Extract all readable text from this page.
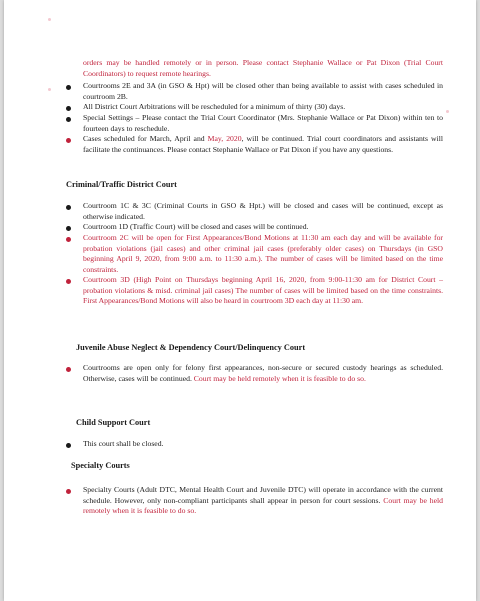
orders may be handled remotely or in person. Please contact Stephanie Wallace or Pat Dixon (Trial Court Coordinators) to request remote hearings.
Courtrooms 2E and 3A (in GSO & Hpt) will be closed other than being available to assist with cases scheduled in courtroom 2B.
All District Court Arbitrations will be rescheduled for a minimum of thirty (30) days.
Special Settings – Please contact the Trial Court Coordinator (Mrs. Stephanie Wallace or Pat Dixon) within ten to fourteen days to reschedule.
Cases scheduled for March, April and May, 2020, will be continued. Trial court coordinators and assistants will facilitate the continuances. Please contact Stephanie Wallace or Pat Dixon if you have any questions.
Criminal/Traffic District Court
Courtroom 1C & 3C (Criminal Courts in GSO & Hpt.) will be closed and cases will be continued, except as otherwise indicated.
Courtroom 1D (Traffic Court) will be closed and cases will be continued.
Courtroom 2C will be open for First Appearances/Bond Motions at 11:30 am each day and will be available for probation violations (jail cases) and other criminal jail cases (preferably older cases) on Thursdays (in GSO beginning April 9, 2020, from 9:00 a.m. to 11:30 a.m.). The number of cases will be limited based on the time constraints.
Courtroom 3D (High Point on Thursdays beginning April 16, 2020, from 9:00-11:30 am for District Court – probation violations & misd. criminal jail cases) The number of cases will be limited based on the time constraints. First Appearances/Bond Motions will also be heard in courtroom 3D each day at 11:30 am.
Juvenile Abuse Neglect & Dependency Court/Delinquency Court
Courtrooms are open only for felony first appearances, non-secure or secured custody hearings as scheduled. Otherwise, cases will be continued. Court may be held remotely when it is feasible to do so.
Child Support Court
This court shall be closed.
Specialty Courts
Specialty Courts (Adult DTC, Mental Health Court and Juvenile DTC) will operate in accordance with the current schedule. However, only non-compliant participants shall appear in person for court sessions. Court may be held remotely when it is feasible to do so.
